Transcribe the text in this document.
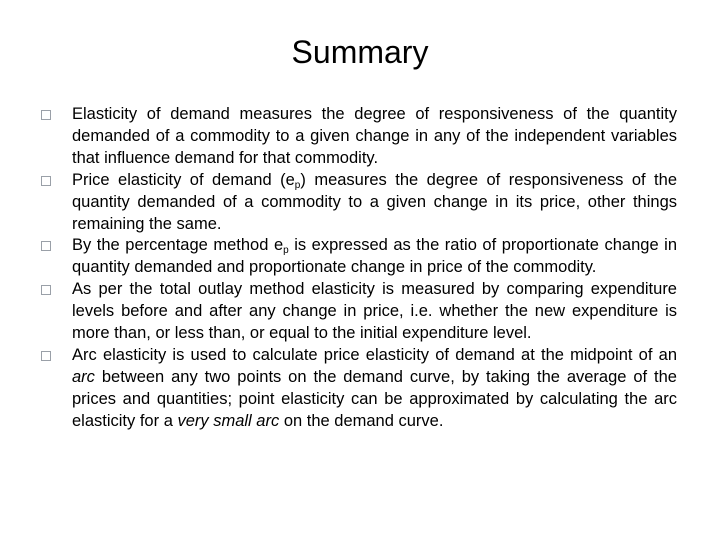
Summary
Elasticity of demand measures the degree of responsiveness of the quantity demanded of a commodity to a given change in any of the independent variables that influence demand for that commodity.
Price elasticity of demand $(e_p)$ measures the degree of responsiveness of the quantity demanded of a commodity to a given change in its price, other things remaining the same.
By the percentage method $e_p$ is expressed as the ratio of proportionate change in quantity demanded and proportionate change in price of the commodity.
As per the total outlay method elasticity is measured by comparing expenditure levels before and after any change in price, i.e. whether the new expenditure is more than, or less than, or equal to the initial expenditure level.
Arc elasticity is used to calculate price elasticity of demand at the midpoint of an arc between any two points on the demand curve, by taking the average of the prices and quantities; point elasticity can be approximated by calculating the arc elasticity for a very small arc on the demand curve.
